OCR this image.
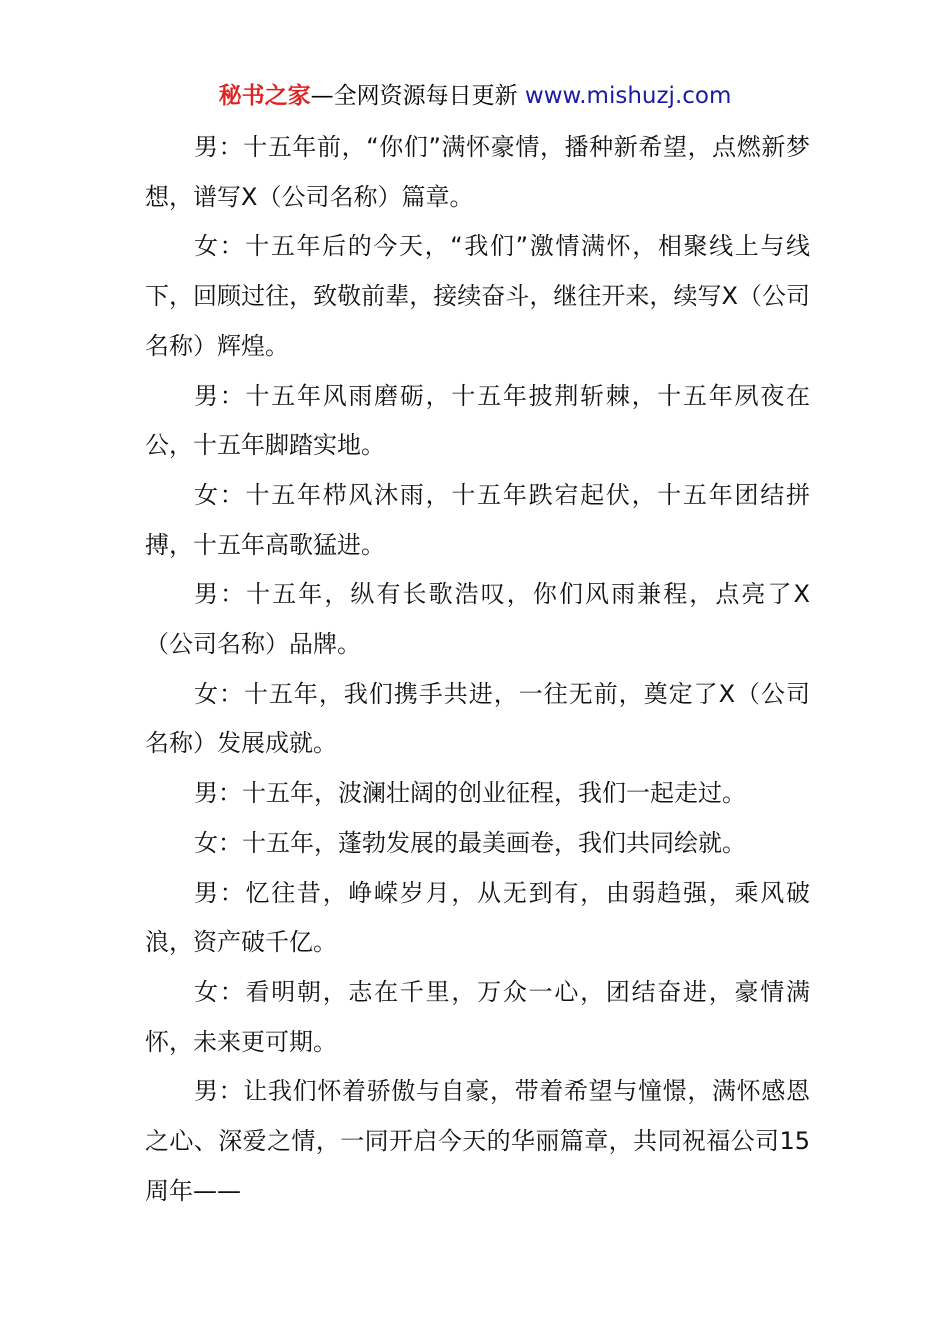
秘书之家—全网资源每日更新 www.mishuzj.com

男：十五年前，“你们”满怀豪情，播种新希望，点燃新梦想，谱写X（公司名称）篇章。

女：十五年后的今天，“我们”激情满怀，相聚线上与线下，回顾过往，致敬前辈，接续奋斗，继往开来，续写X（公司名称）辉煌。

男：十五年风雨磨砺，十五年披荆斩棘，十五年夙夜在公，十五年脚踏实地。

女：十五年栉风沐雨，十五年跌宕起伏，十五年团结拼搏，十五年高歌猛进。

男：十五年，纵有长歌浩叹，你们风雨兼程，点亮了X（公司名称）品牌。

女：十五年，我们携手共进，一往无前，奠定了X（公司名称）发展成就。

男：十五年，波澜壮阔的创业征程，我们一起走过。

女：十五年，蓬勃发展的最美画卷，我们共同绘就。

男：忆往昔，峥嵘岁月，从无到有，由弱趋强，乘风破浪，资产破千亿。

女：看明朝，志在千里，万众一心，团结奋进，豪情满怀，未来更可期。

男：让我们怀着骄傲与自豪，带着希望与憧憬，满怀感恩之心、深爱之情，一同开启今天的华丽篇章，共同祝福公司15周年——
